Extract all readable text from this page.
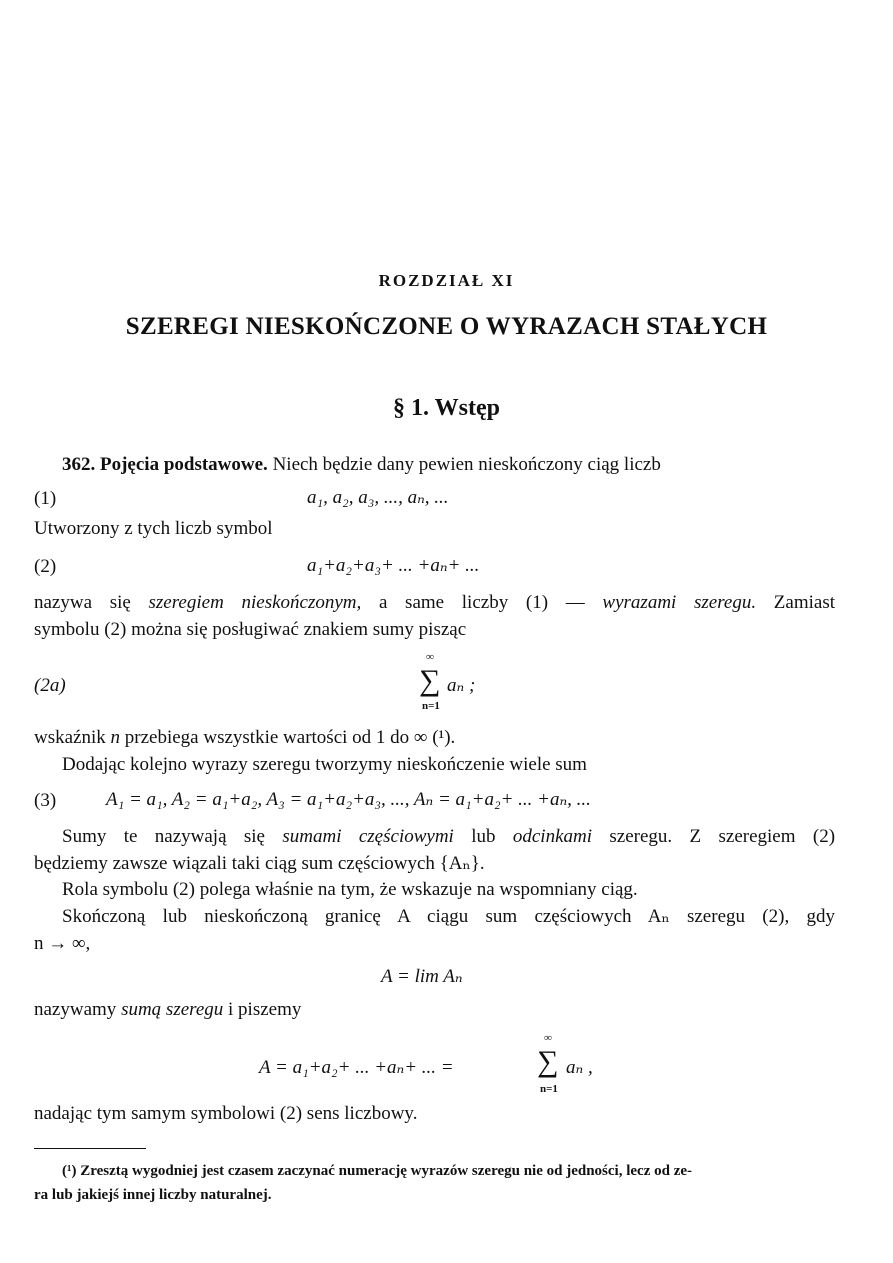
ROZDZIAŁ XI
SZEREGI NIESKOŃCZONE O WYRAZACH STAŁYCH
§ 1. Wstęp
362. Pojęcia podstawowe. Niech będzie dany pewien nieskończony ciąg liczb
(1)	a₁, a₂, a₃, ..., aₙ, ...
Utworzony z tych liczb symbol
(2)	a₁+a₂+a₃+ ... +aₙ+ ...
nazywa się szeregiem nieskończonym, a same liczby (1) — wyrazami szeregu. Zamiast
symbolu (2) można się posługiwać znakiem sumy pisząc
(2a)
∞
∑
n=1
aₙ ;
wskaźnik n przebiega wszystkie wartości od 1 do ∞ (¹).
Dodając kolejno wyrazy szeregu tworzymy nieskończenie wiele sum
(3)	A₁ = a₁, A₂ = a₁+a₂, A₃ = a₁+a₂+a₃, ..., Aₙ = a₁+a₂+ ... +aₙ, ...
Sumy te nazywają się sumami częściowymi lub odcinkami szeregu. Z szeregiem (2)
będziemy zawsze wiązali taki ciąg sum częściowych {Aₙ}.
Rola symbolu (2) polega właśnie na tym, że wskazuje na wspomniany ciąg.
Skończoną lub nieskończoną granicę A ciągu sum częściowych Aₙ szeregu (2), gdy
n → ∞,
A = lim Aₙ
nazywamy sumą szeregu i piszemy
A = a₁+a₂+ ... +aₙ+ ... =
∞
∑
n=1
aₙ ,
nadając tym samym symbolowi (2) sens liczbowy.
(¹) Zresztą wygodniej jest czasem zaczynać numerację wyrazów szeregu nie od jedności, lecz od ze-
ra lub jakiejś innej liczby naturalnej.
